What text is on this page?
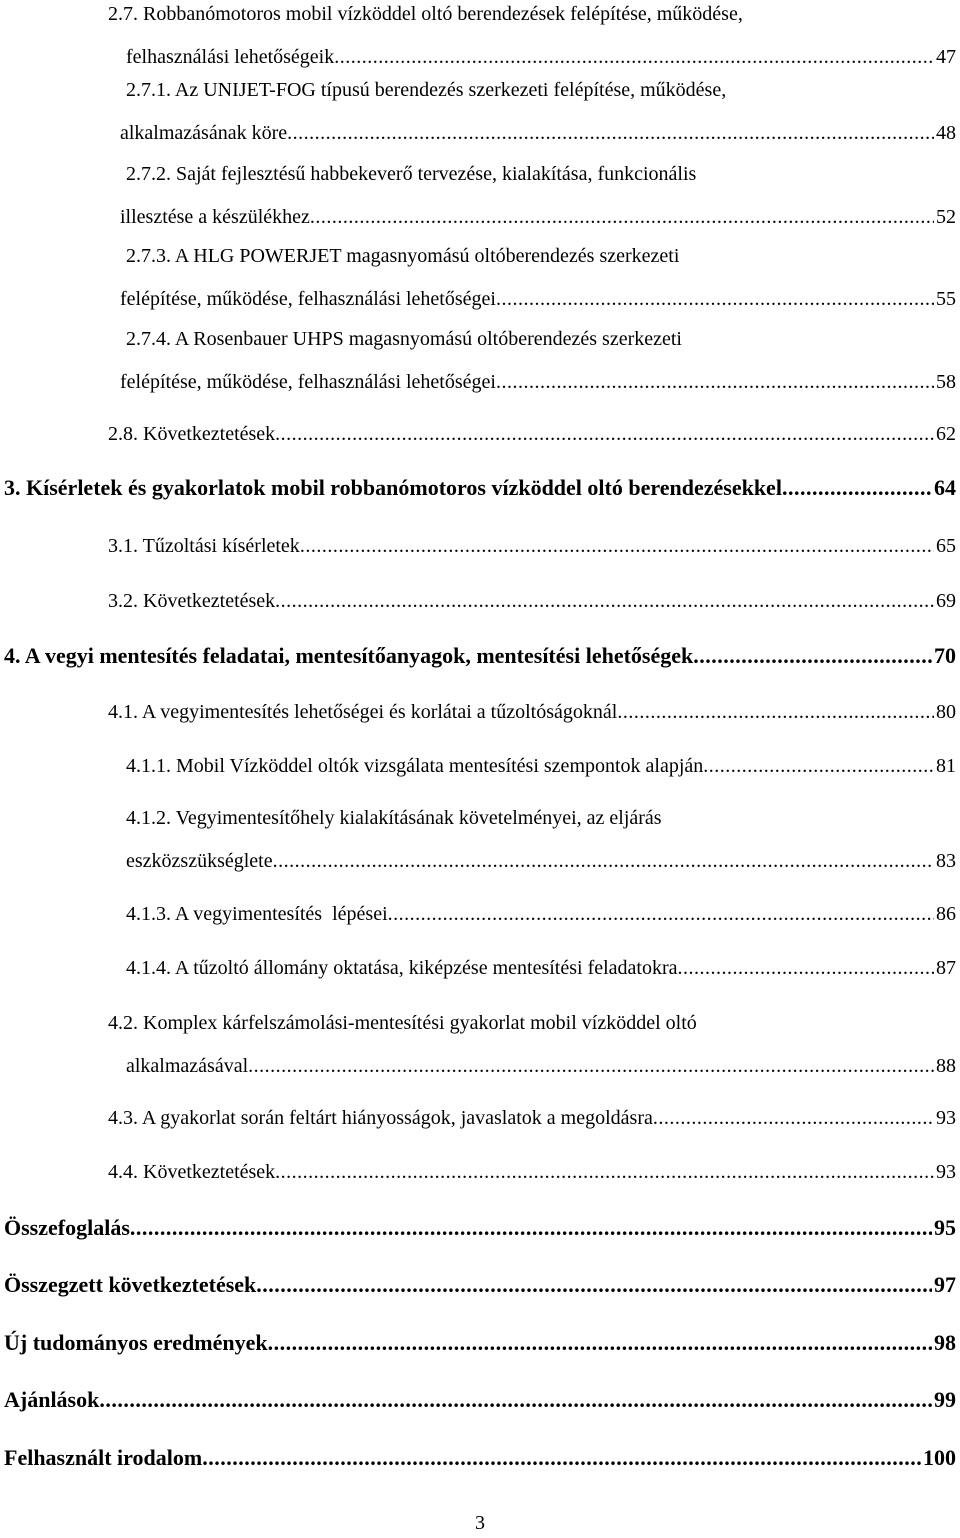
2.7. Robbanómotoros mobil vízköddel oltó berendezések felépítése, működése,
felhasználási lehetőségeik .....	47
2.7.1. Az UNIJET-FOG típusú berendezés szerkezeti felépítése, működése,
alkalmazásának köre .....	48
2.7.2. Saját fejlesztésű habbekeverő tervezése, kialakítása, funkcionális
illesztése a készülékhez .....	52
2.7.3. A HLG POWERJET magasnyomású oltóberendezés szerkezeti
felépítése, működése, felhasználási lehetőségei .....	55
2.7.4. A Rosenbauer UHPS magasnyomású oltóberendezés szerkezeti
felépítése, működése, felhasználási lehetőségei .....	58
2.8. Következtetések .....	62
3. Kísérletek és gyakorlatok mobil robbanómotoros vízköddel oltó berendezésekkel .....	64
3.1. Tűzoltási kísérletek .....	65
3.2. Következtetések .....	69
4. A vegyi mentesítés feladatai, mentesítőanyagok, mentesítési lehetőségek .....	70
4.1. A vegyimentesítés lehetőségei és korlátai a tűzoltóságoknál .....	80
4.1.1. Mobil Vízköddel oltók vizsgálata mentesítési szempontok alapján .....	81
4.1.2. Vegyimentesítőhely kialakításának követelményei, az eljárás
eszközszükséglete .....	83
4.1.3. A vegyimentesítés  lépései .....	86
4.1.4. A tűzoltó állomány oktatása, kiképzése mentesítési feladatokra .....	87
4.2. Komplex kárfelszámolási-mentesítési gyakorlat mobil vízköddel oltó
alkalmazásával .....	88
4.3. A gyakorlat során feltárt hiányosságok, javaslatok a megoldásra .....	93
4.4. Következtetések .....	93
Összefoglalás .....	95
Összegzett következtetések .....	97
Új tudományos eredmények .....	98
Ajánlások .....	99
Felhasznált irodalom .....	100
3
